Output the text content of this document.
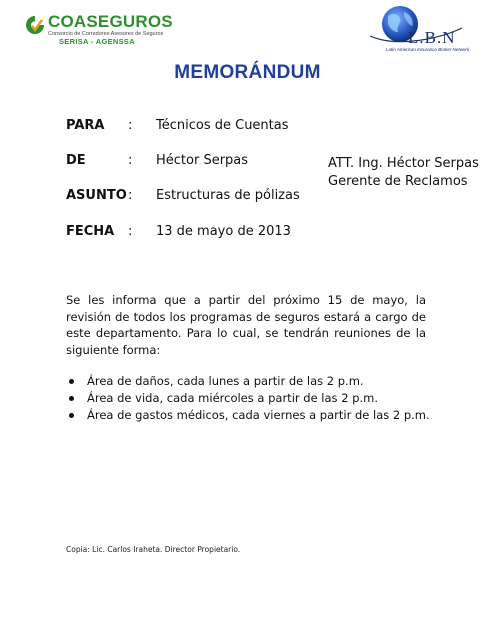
COASEGUROS
Consorcio de Corredores Asesores de Seguros
SERISA - AGENSSA	L.B.N
Latin American Insurance Broker Network
MEMORÁNDUM
PARA : Técnicos de Cuentas
DE	: Héctor Serpas
ASUNTO : Estructuras de pólizas
FECHA : 13 de mayo de 2013
ATT. Ing. Héctor Serpas
Gerente de Reclamos
Se les informa que a partir del próximo 15 de mayo, la revisión de todos los programas de seguros estará a cargo de este departamento. Para lo cual, se tendrán reuniones de la siguiente forma:
Área de daños, cada lunes a partir de las 2 p.m.
Área de vida, cada miércoles a partir de las 2 p.m.
Área de gastos médicos, cada viernes a partir de las 2 p.m.
Copia: Lic. Carlos Iraheta. Director Propietario.
